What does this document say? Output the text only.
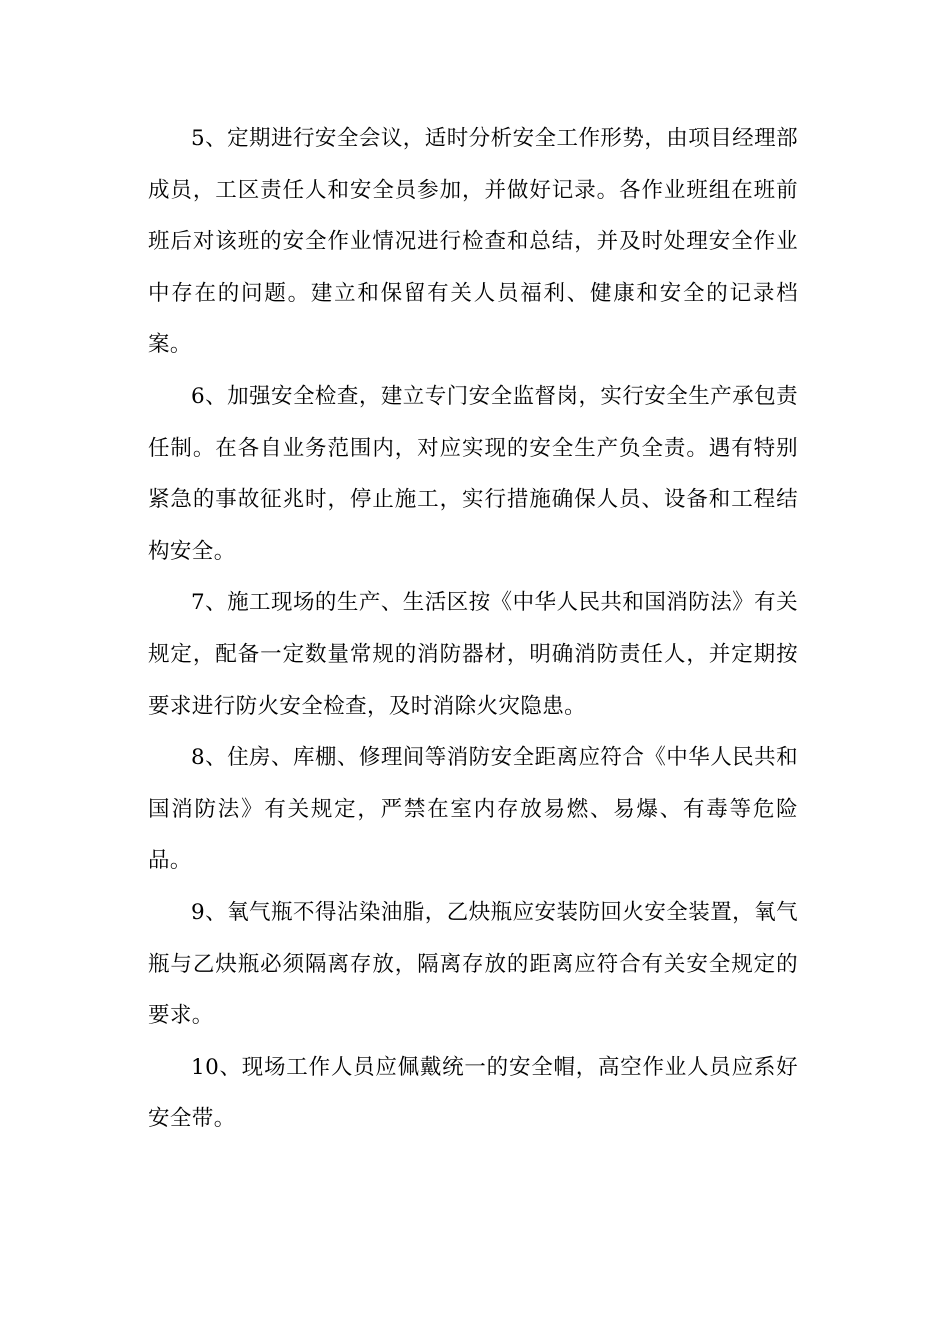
5、定期进行安全会议，适时分析安全工作形势，由项目经理部成员，工区责任人和安全员参加，并做好记录。各作业班组在班前班后对该班的安全作业情况进行检查和总结，并及时处理安全作业中存在的问题。建立和保留有关人员福利、健康和安全的记录档案。

6、加强安全检查，建立专门安全监督岗，实行安全生产承包责任制。在各自业务范围内，对应实现的安全生产负全责。遇有特别紧急的事故征兆时，停止施工，实行措施确保人员、设备和工程结构安全。

7、施工现场的生产、生活区按《中华人民共和国消防法》有关规定，配备一定数量常规的消防器材，明确消防责任人，并定期按要求进行防火安全检查，及时消除火灾隐患。

8、住房、库棚、修理间等消防安全距离应符合《中华人民共和国消防法》有关规定，严禁在室内存放易燃、易爆、有毒等危险品。

9、氧气瓶不得沾染油脂，乙炔瓶应安装防回火安全装置，氧气瓶与乙炔瓶必须隔离存放，隔离存放的距离应符合有关安全规定的要求。

10、现场工作人员应佩戴统一的安全帽，高空作业人员应系好安全带。
